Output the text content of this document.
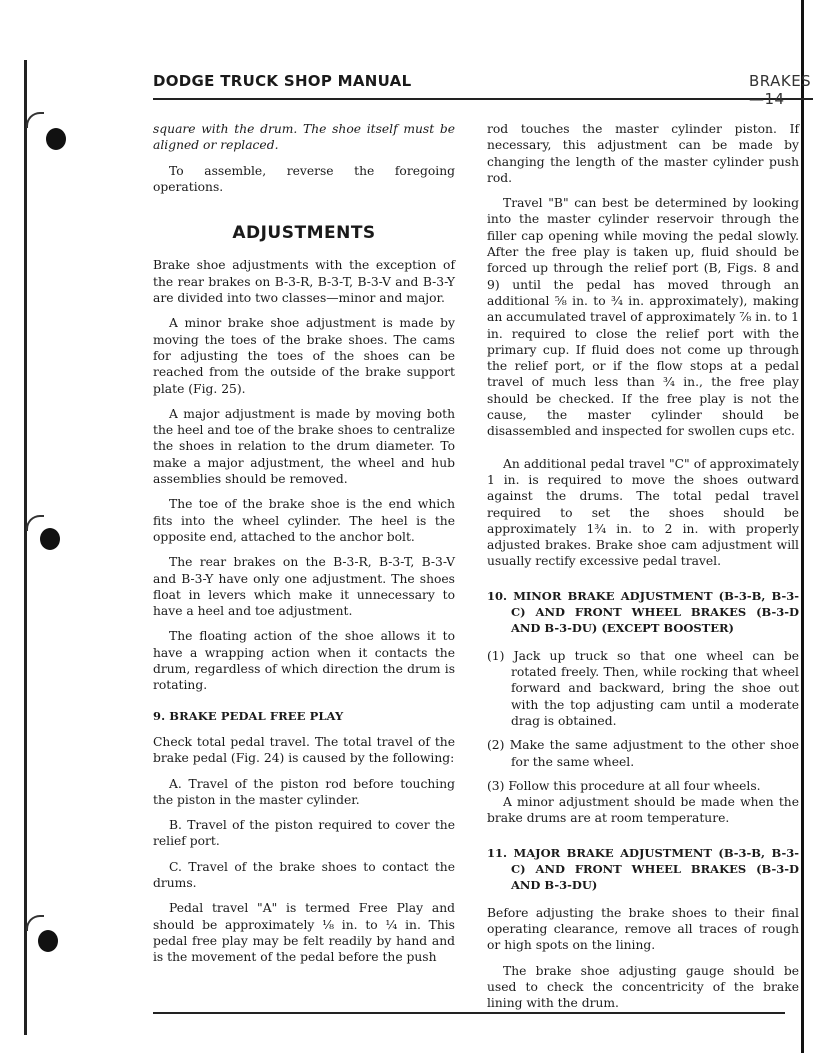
DODGE TRUCK SHOP MANUAL	BRAKES—14

square with the drum. The shoe itself must be aligned or replaced.

To assemble, reverse the foregoing operations.

ADJUSTMENTS

Brake shoe adjustments with the exception of the rear brakes on B-3-R, B-3-T, B-3-V and B-3-Y are divided into two classes—minor and major.

A minor brake shoe adjustment is made by moving the toes of the brake shoes. The cams for adjusting the toes of the shoes can be reached from the outside of the brake support plate (Fig. 25).

A major adjustment is made by moving both the heel and toe of the brake shoes to centralize the shoes in relation to the drum diameter. To make a major adjustment, the wheel and hub assemblies should be removed.

The toe of the brake shoe is the end which fits into the wheel cylinder. The heel is the opposite end, attached to the anchor bolt.

The rear brakes on the B-3-R, B-3-T, B-3-V and B-3-Y have only one adjustment. The shoes float in levers which make it unnecessary to have a heel and toe adjustment.

The floating action of the shoe allows it to have a wrapping action when it contacts the drum, regardless of which direction the drum is rotating.

9. BRAKE PEDAL FREE PLAY

Check total pedal travel. The total travel of the brake pedal (Fig. 24) is caused by the following:

A. Travel of the piston rod before touching the piston in the master cylinder.

B. Travel of the piston required to cover the relief port.

C. Travel of the brake shoes to contact the drums.

Pedal travel "A" is termed Free Play and should be approximately ⅛ in. to ¼ in. This pedal free play may be felt readily by hand and is the movement of the pedal before the push

rod touches the master cylinder piston. If necessary, this adjustment can be made by changing the length of the master cylinder push rod.

Travel "B" can best be determined by looking into the master cylinder reservoir through the filler cap opening while moving the pedal slowly. After the free play is taken up, fluid should be forced up through the relief port (B, Figs. 8 and 9) until the pedal has moved through an additional ⅝ in. to ¾ in. approximately), making an accumulated travel of approximately ⅞ in. to 1 in. required to close the relief port with the primary cup. If fluid does not come up through the relief port, or if the flow stops at a pedal travel of much less than ¾ in., the free play should be checked. If the free play is not the cause, the master cylinder should be disassembled and inspected for swollen cups etc.

An additional pedal travel "C" of approximately 1 in. is required to move the shoes outward against the drums. The total pedal travel required to set the shoes should be approximately 1¾ in. to 2 in. with properly adjusted brakes. Brake shoe cam adjustment will usually rectify excessive pedal travel.

10. MINOR BRAKE ADJUSTMENT (B-3-B, B-3-C) AND FRONT WHEEL BRAKES (B-3-D AND B-3-DU) (EXCEPT BOOSTER)
(1) Jack up truck so that one wheel can be rotated freely. Then, while rocking that wheel forward and backward, bring the shoe out with the top adjusting cam until a moderate drag is obtained.
(2) Make the same adjustment to the other shoe for the same wheel.
(3) Follow this procedure at all four wheels.

A minor adjustment should be made when the brake drums are at room temperature.

11. MAJOR BRAKE ADJUSTMENT (B-3-B, B-3-C) AND FRONT WHEEL BRAKES (B-3-D AND B-3-DU)

Before adjusting the brake shoes to their final operating clearance, remove all traces of rough or high spots on the lining.

The brake shoe adjusting gauge should be used to check the concentricity of the brake lining with the drum.
